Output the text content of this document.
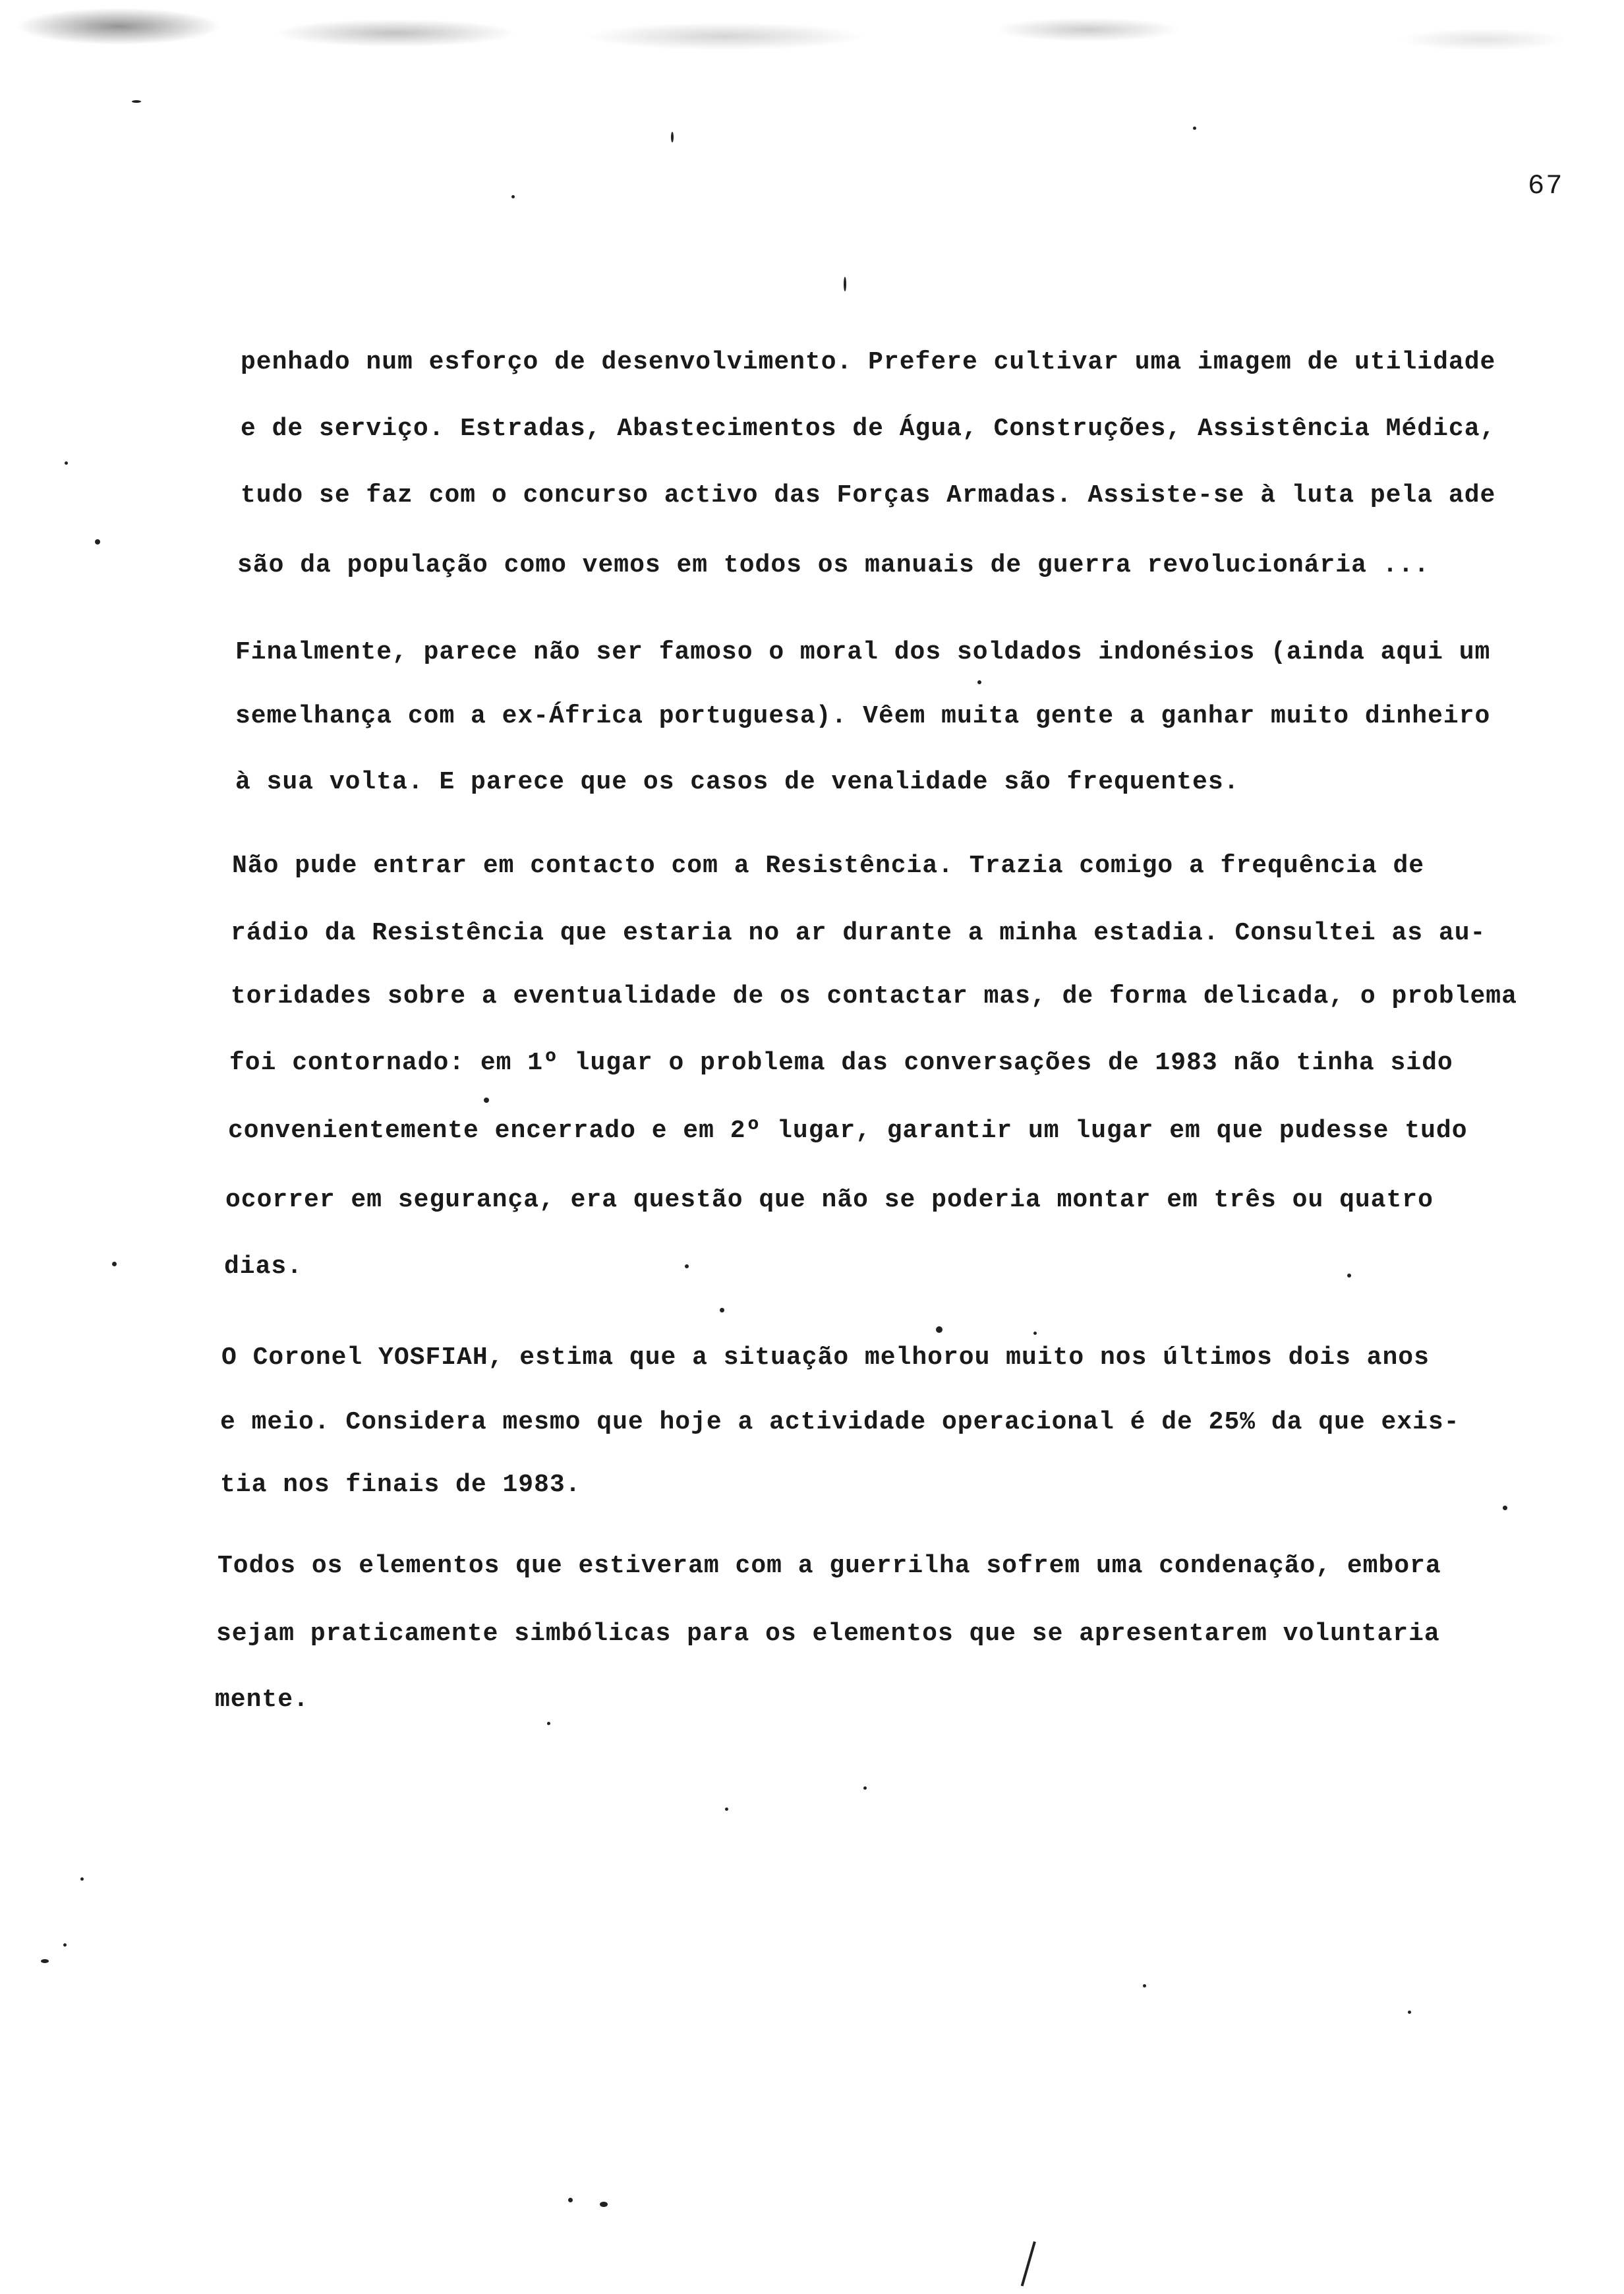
67
penhado num esforço de desenvolvimento. Prefere cultivar uma imagem de utilidade
e de serviço. Estradas, Abastecimentos de Água, Construções, Assistência Médica,
tudo se faz com o concurso activo das Forças Armadas. Assiste-se à luta pela ade
são da população como vemos em todos os manuais de guerra revolucionária ...
Finalmente, parece não ser famoso o moral dos soldados indonésios (ainda aqui um
semelhança com a ex-África portuguesa). Vêem muita gente a ganhar muito dinheiro
à sua volta. E parece que os casos de venalidade são frequentes.
Não pude entrar em contacto com a Resistência. Trazia comigo a frequência de
rádio da Resistência que estaria no ar durante a minha estadia. Consultei as au-
toridades sobre a eventualidade de os contactar mas, de forma delicada, o problema
foi contornado: em 1º lugar o problema das conversações de 1983 não tinha sido
convenientemente encerrado e em 2º lugar, garantir um lugar em que pudesse tudo
ocorrer em segurança, era questão que não se poderia montar em três ou quatro
dias.
O Coronel YOSFIAH, estima que a situação melhorou muito nos últimos dois anos
e meio. Considera mesmo que hoje a actividade operacional é de 25% da que exis-
tia nos finais de 1983.
Todos os elementos que estiveram com a guerrilha sofrem uma condenação, embora
sejam praticamente simbólicas para os elementos que se apresentarem voluntaria
mente.
